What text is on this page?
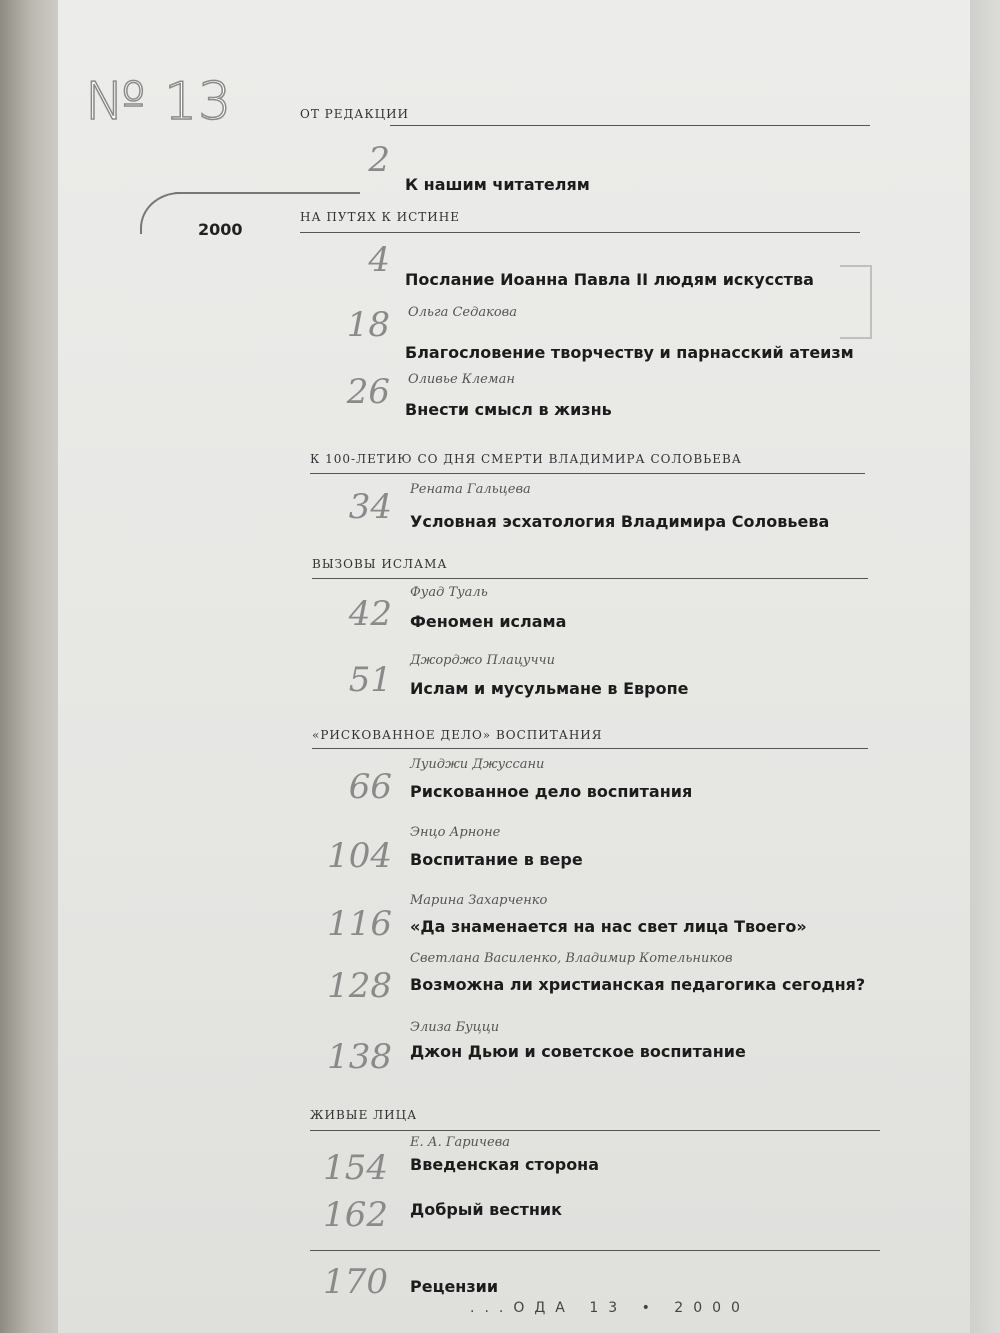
№ 13
2000
ОТ РЕДАКЦИИ
2
К нашим читателям
НА ПУТЯХ К ИСТИНЕ
4 Послание Иоанна Павла II людям искусства
Ольга Седакова
18
Благословение творчеству и парнасский атеизм
Оливье Клеман
26 Внести смысл в жизнь
К 100-ЛЕТИЮ СО ДНЯ СМЕРТИ ВЛАДИМИРА СОЛОВЬЕВА
Рената Гальцева
34 Условная эсхатология Владимира Соловьева
ВЫЗОВЫ ИСЛАМА
Фуад Туаль
42 Феномен ислама
Джорджо Плацуччи
51 Ислам и мусульмане в Европе
«РИСКОВАННОЕ ДЕЛО» ВОСПИТАНИЯ
Луиджи Джуссани
66 Рискованное дело воспитания
Энцо Арноне
104 Воспитание в вере
Марина Захарченко
116 «Да знаменается на нас свет лица Твоего»
Светлана Василенко, Владимир Котельников
128 Возможна ли христианская педагогика сегодня?
Элиза Буцци
138 Джон Дьюи и советское воспитание
ЖИВЫЕ ЛИЦА
Е. А. Гаричева
154 Введенская сторона
162 Добрый вестник
170 Рецензии
...ОДА 13 • 2000
